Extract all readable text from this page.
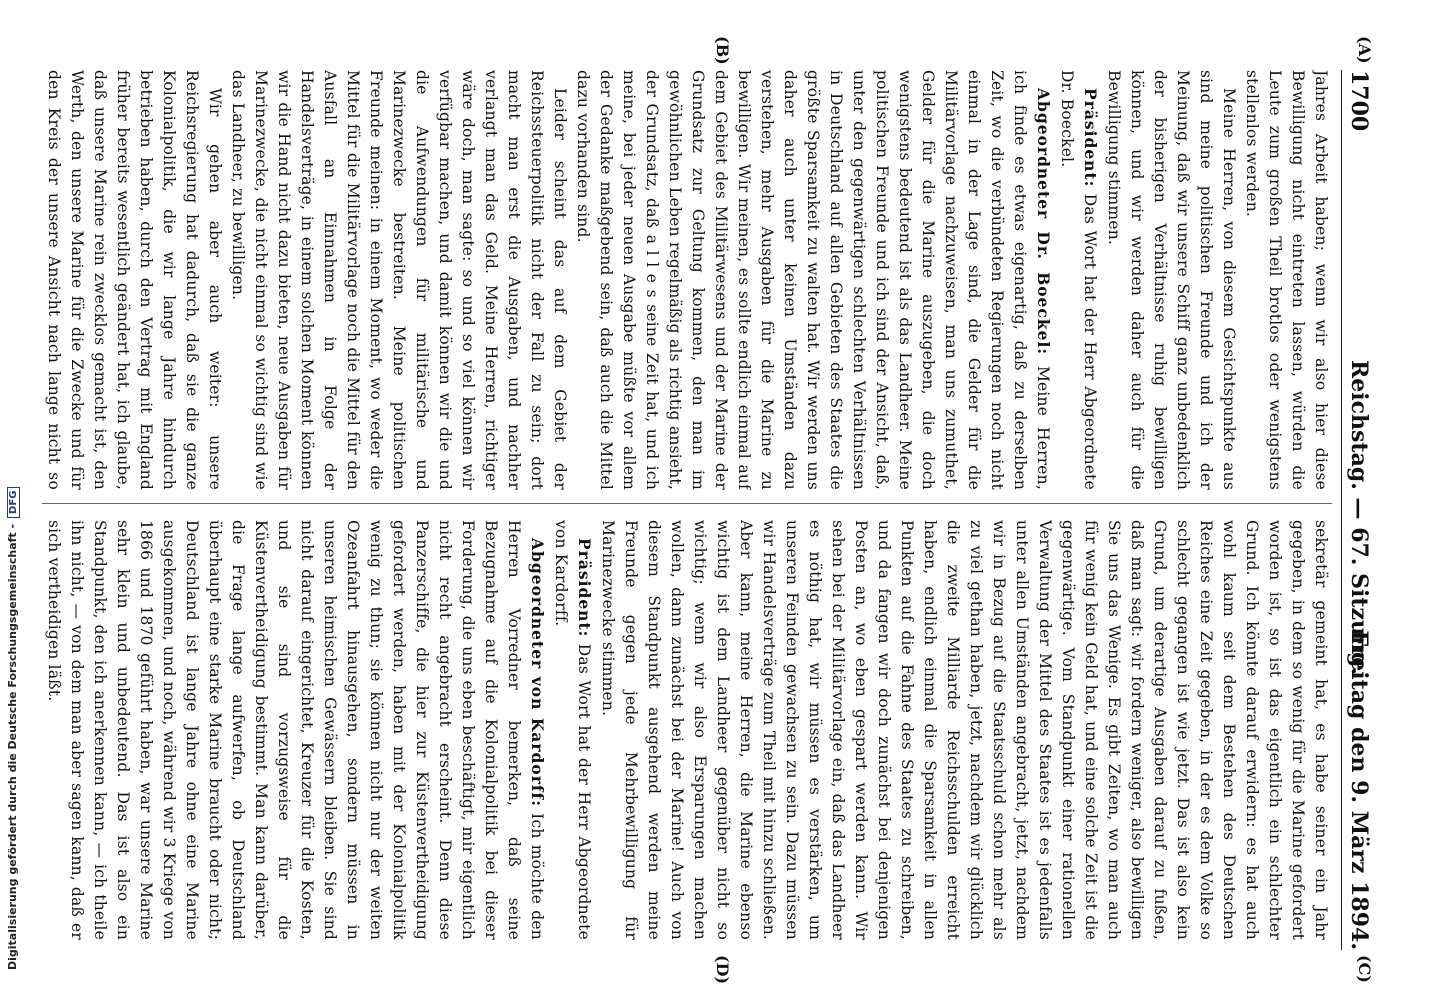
1700
Reichstag. — 67. Sitzung.
Freitag den 9. März 1894.
(A)
(B)
(C)
(D)

Jahres Arbeit haben; wenn wir also hier diese Bewilligung nicht eintreten lassen, würden die Leute zum großen Theil brotlos oder wenigstens stellenlos werden.

Meine Herren, von diesem Gesichtspunkte aus sind meine politischen Freunde und ich der Meinung, daß wir unsere Schiff ganz unbedenklich der bisherigen Verhältnisse ruhig bewilligen können, und wir werden daher auch für die Bewilligung stimmen.

Präsident: Das Wort hat der Herr Abgeordnete Dr. Boeckel.

Abgeordneter Dr. Boeckel: Meine Herren, ich finde es etwas eigenartig, daß zu derselben Zeit, wo die verbündeten Regierungen noch nicht einmal in der Lage sind, die Gelder für die Militärvorlage nachzuweisen, man uns zumuthet, Gelder für die Marine auszugeben, die doch wenigstens bedeutend ist als das Landheer. Meine politischen Freunde und ich sind der Ansicht, daß, unter den gegenwärtigen schlechten Verhältnissen in Deutschland auf allen Gebieten des Staates die größte Sparsamkeit zu walten hat. Wir werden uns daher auch unter keinen Umständen dazu verstehen, mehr Ausgaben für die Marine zu bewilligen. Wir meinen, es sollte endlich einmal auf dem Gebiet des Militärwesens und der Marine der Grundsatz zur Geltung kommen, den man im gewöhnlichen Leben regelmäßig als richtig ansieht, der Grundsatz, daß a l l e s seine Zeit hat, und ich meine, bei jeder neuen Ausgabe müßte vor allem der Gedanke maßgebend sein, daß auch die Mittel dazu vorhanden sind.

Leider scheint das auf dem Gebiet der Reichssteuerpolitik nicht der Fall zu sein; dort macht man erst die Ausgaben, und nachher verlangt man das Geld. Meine Herren, richtiger wäre doch, man sagte: so und so viel können wir verfügbar machen, und damit können wir die und die Aufwendungen für militärische und Marinezwecke bestreiten. Meine politischen Freunde meinen: in einem Moment, wo weder die Mittel für die Militärvorlage noch die Mittel für den Ausfall an Einnahmen in Folge der Handelsverträge, in einem solchen Moment können wir die Hand nicht dazu bieten, neue Ausgaben für Marinezwecke, die nicht einmal so wichtig sind wie das Landheer, zu bewilligen.

Wir gehen aber auch weiter: unsere Reichsregierung hat dadurch, daß sie die ganze Kolonialpolitik, die wir lange Jahre hindurch betrieben haben, durch den Vertrag mit England früher bereits wesentlich geändert hat, ich glaube, daß unsere Marine rein zwecklos gemacht ist, den Werth, den unsere Marine für die Zwecke und für den Kreis der unsere Ansicht nach lange nicht so

sekretär gemeint hat, es habe seiner ein Jahr gegeben, in dem so wenig für die Marine gefordert worden ist, so ist das eigentlich ein schlechter Grund. Ich könnte darauf erwidern: es hat auch wohl kaum seit dem Bestehen des Deutschen Reiches eine Zeit gegeben, in der es dem Volke so schlecht gegangen ist wie jetzt. Das ist also kein Grund, um derartige Ausgaben darauf zu fußen, daß man sagt: wir fordern weniger, also bewilligen Sie uns das Wenige. Es gibt Zeiten, wo man auch für wenig kein Geld hat, und eine solche Zeit ist die gegenwärtige. Vom Standpunkt einer rationellen Verwaltung der Mittel des Staates ist es jedenfalls unter allen Umständen angebracht, jetzt, nachdem wir in Bezug auf die Staatsschuld schon mehr als zu viel gethan haben, jetzt, nachdem wir glücklich die zweite Milliarde Reichsschulden erreicht haben, endlich einmal die Sparsamkeit in allen Punkten auf die Fahne des Staates zu schreiben, und da fangen wir doch zunächst bei denjenigen Posten an, wo eben gespart werden kann. Wir sehen bei der Militärvorlage ein, daß das Landheer es nöthig hat, wir müssen es verstärken, um unseren Feinden gewachsen zu sein. Dazu müssen wir Handelsverträge zum Theil mit hinzu schließen. Aber kann, meine Herren, die Marine ebenso wichtig ist dem Landheer gegenüber nicht so wichtig; wenn wir also Ersparungen machen wollen, dann zunächst bei der Marine! Auch von diesem Standpunkt ausgehend werden meine Freunde gegen jede Mehrbewilligung für Marinezwecke stimmen.

Präsident: Das Wort hat der Herr Abgeordnete von Kardorff.

Abgeordneter von Kardorff: Ich möchte den Herren Vorredner bemerken, daß seine Bezugnahme auf die Kolonialpolitik bei dieser Forderung, die uns eben beschäftigt, mir eigentlich nicht recht angebracht erscheint. Denn diese Panzerschiffe, die hier zur Küstenvertheidigung gefordert werden, haben mit der Kolonialpolitik wenig zu thun; sie können nicht nur der weiten Ozeanfahrt hinausgehen, sondern müssen in unseren heimischen Gewässern bleiben. Sie sind nicht darauf eingerichtet, Kreuzer für die Kosten, und sie sind vorzugsweise für die Küstenvertheidigung bestimmt. Man kann darüber, die Frage lange aufwerfen, ob Deutschland überhaupt eine starke Marine braucht oder nicht; Deutschland ist lange Jahre ohne eine Marine ausgekommen, und noch, während wir 3 Kriege von 1866 und 1870 geführt haben, war unsere Marine sehr klein und unbedeutend. Das ist also ein Standpunkt, den ich anerkennen kann, — ich theile ihn nicht, — von dem man aber sagen kann, daß er sich vertheidigen läßt.

Digitalisierung gefördert durch die Deutsche Forschungsgemeinschaft -DFG
